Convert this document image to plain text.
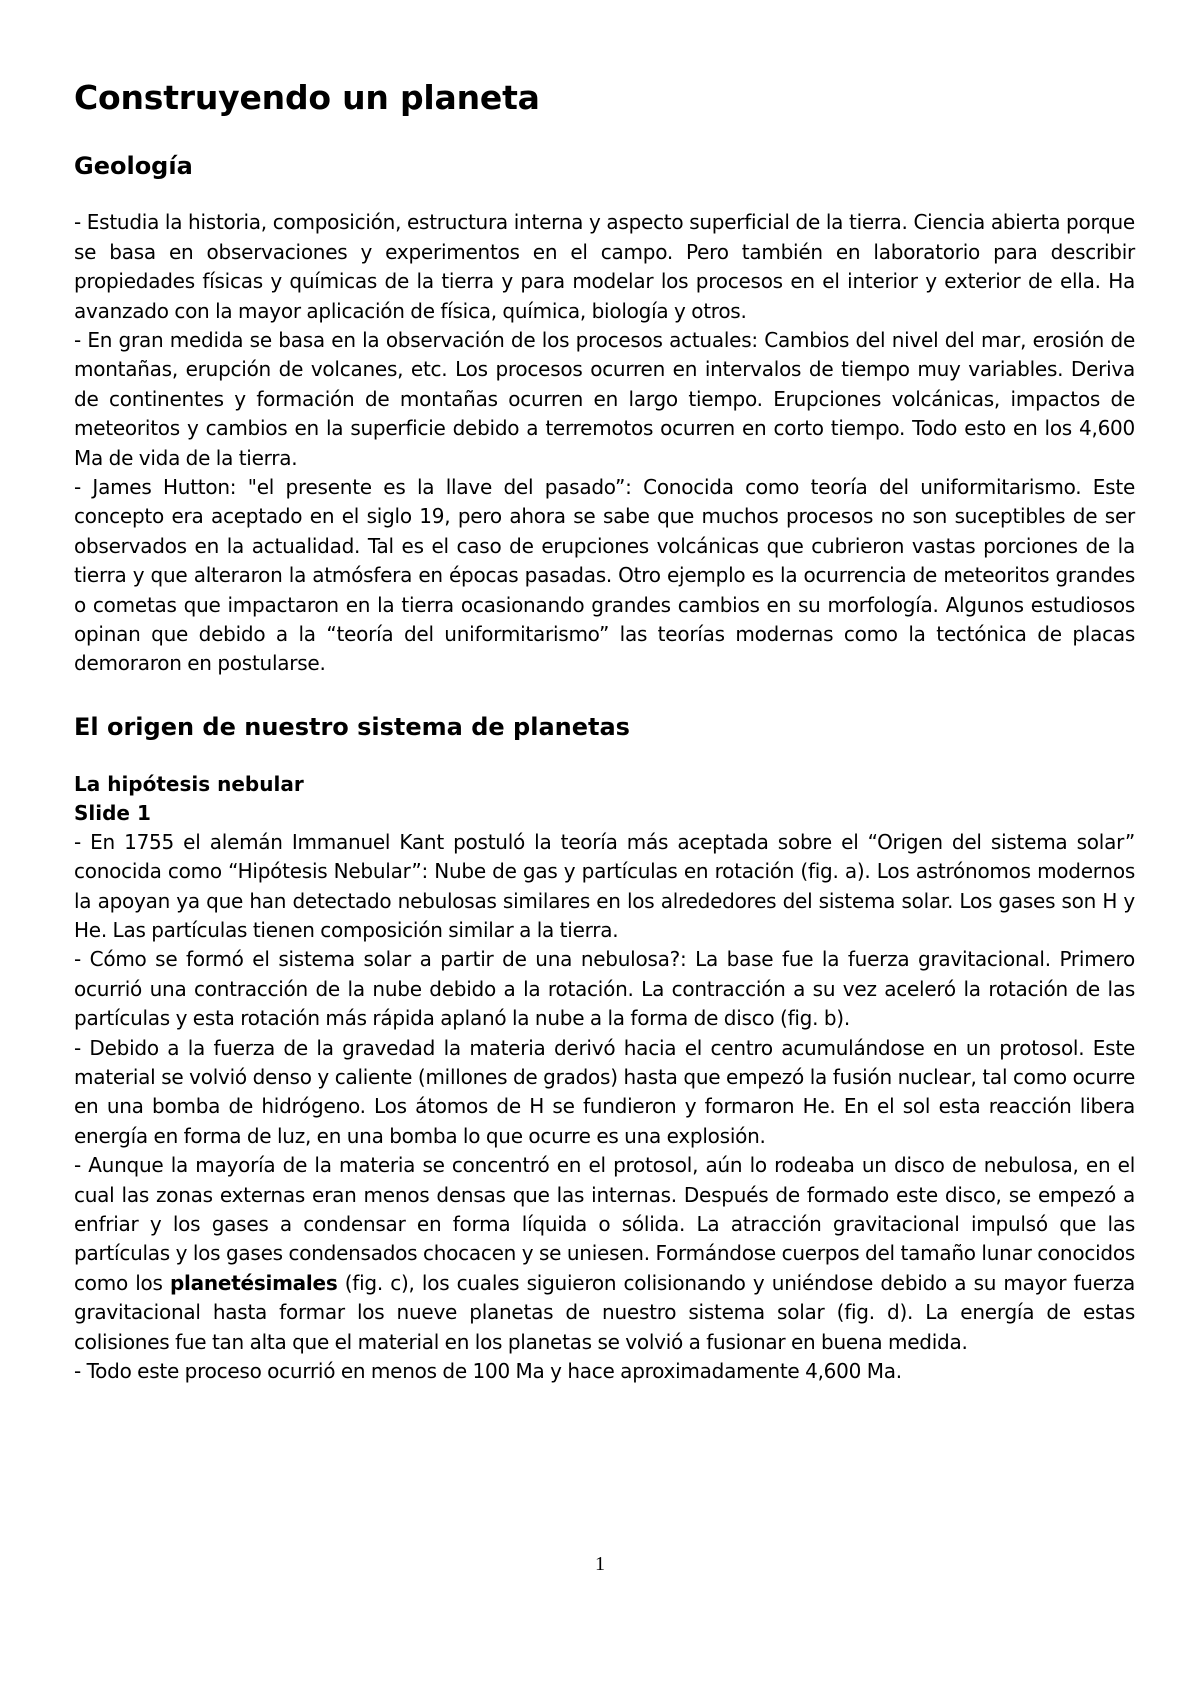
Construyendo un planeta
Geología

- Estudia la historia, composición, estructura interna y aspecto superficial de la tierra. Ciencia abierta porque se basa en observaciones y experimentos en el campo. Pero también en laboratorio para describir propiedades físicas y químicas de la tierra y para modelar los procesos en el interior y exterior de ella. Ha avanzado con la mayor aplicación de física, química, biología y otros.

- En gran medida se basa en la observación de los procesos actuales: Cambios del nivel del mar, erosión de montañas, erupción de volcanes, etc. Los procesos ocurren en intervalos de tiempo muy variables. Deriva de continentes y formación de montañas ocurren en largo tiempo. Erupciones volcánicas, impactos de meteoritos y cambios en la superficie debido a terremotos ocurren en corto tiempo. Todo esto en los 4,600 Ma de vida de la tierra.

- James Hutton: "el presente es la llave del pasado”: Conocida como teoría del uniformitarismo. Este concepto era aceptado en el siglo 19, pero ahora se sabe que muchos procesos no son suceptibles de ser observados en la actualidad. Tal es el caso de erupciones volcánicas que cubrieron vastas porciones de la tierra y que alteraron la atmósfera en épocas pasadas. Otro ejemplo es la ocurrencia de meteoritos grandes o cometas que impactaron en la tierra ocasionando grandes cambios en su morfología. Algunos estudiosos opinan que debido a la “teoría del uniformitarismo” las teorías modernas como la tectónica de placas demoraron en postularse.

El origen de nuestro sistema de planetas
La hipótesis nebular
Slide 1

- En 1755 el alemán Immanuel Kant postuló la teoría más aceptada sobre el “Origen del sistema solar” conocida como “Hipótesis Nebular”: Nube de gas y partículas en rotación (fig. a). Los astrónomos modernos la apoyan ya que han detectado nebulosas similares en los alrededores del sistema solar. Los gases son H y He. Las partículas tienen composición similar a la tierra.

- Cómo se formó el sistema solar a partir de una nebulosa?: La base fue la fuerza gravitacional. Primero ocurrió una contracción de la nube debido a la rotación. La contracción a su vez aceleró la rotación de las partículas y esta rotación más rápida aplanó la nube a la forma de disco (fig. b).

- Debido a la fuerza de la gravedad la materia derivó hacia el centro acumulándose en un protosol. Este material se volvió denso y caliente (millones de grados) hasta que empezó la fusión nuclear, tal como ocurre en una bomba de hidrógeno. Los átomos de H se fundieron y formaron He. En el sol esta reacción libera energía en forma de luz, en una bomba lo que ocurre es una explosión.

- Aunque la mayoría de la materia se concentró en el protosol, aún lo rodeaba un disco de nebulosa, en el cual las zonas externas eran menos densas que las internas. Después de formado este disco, se empezó a enfriar y los gases a condensar en forma líquida o sólida. La atracción gravitacional impulsó que las partículas y los gases condensados chocacen y se uniesen. Formándose cuerpos del tamaño lunar conocidos como los planetésimales (fig. c), los cuales siguieron colisionando y uniéndose debido a su mayor fuerza gravitacional hasta formar los nueve planetas de nuestro sistema solar (fig. d). La energía de estas colisiones fue tan alta que el material en los planetas se volvió a fusionar en buena medida.

- Todo este proceso ocurrió en menos de 100 Ma y hace aproximadamente 4,600 Ma.

1
